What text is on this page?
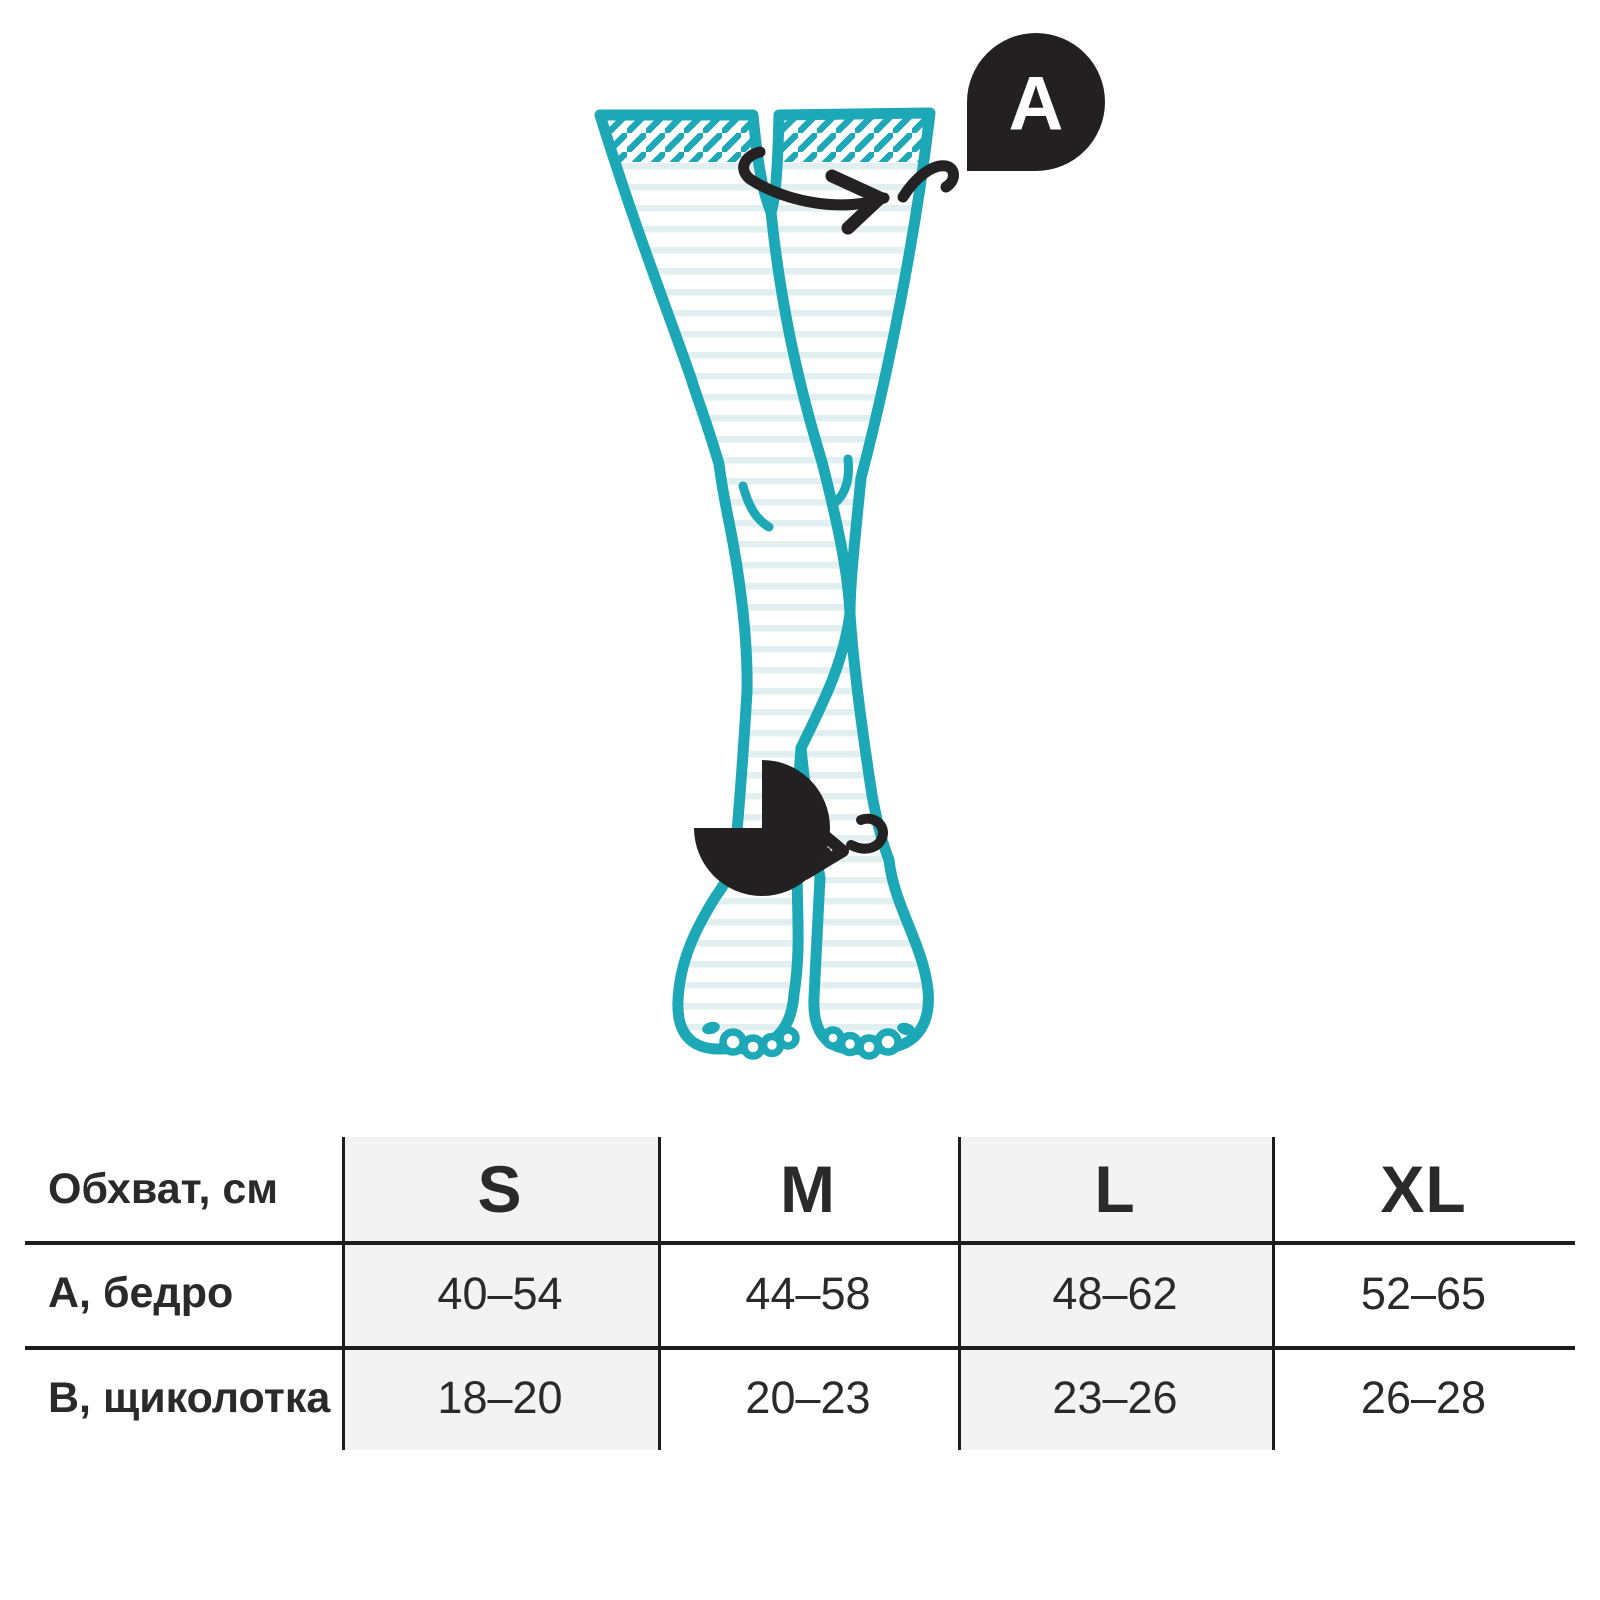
A
B
Обхват, см	S	M	L	XL
А, бедро	40–54	44–58	48–62	52–65
В, щиколотка	18–20	20–23	23–26	26–28
